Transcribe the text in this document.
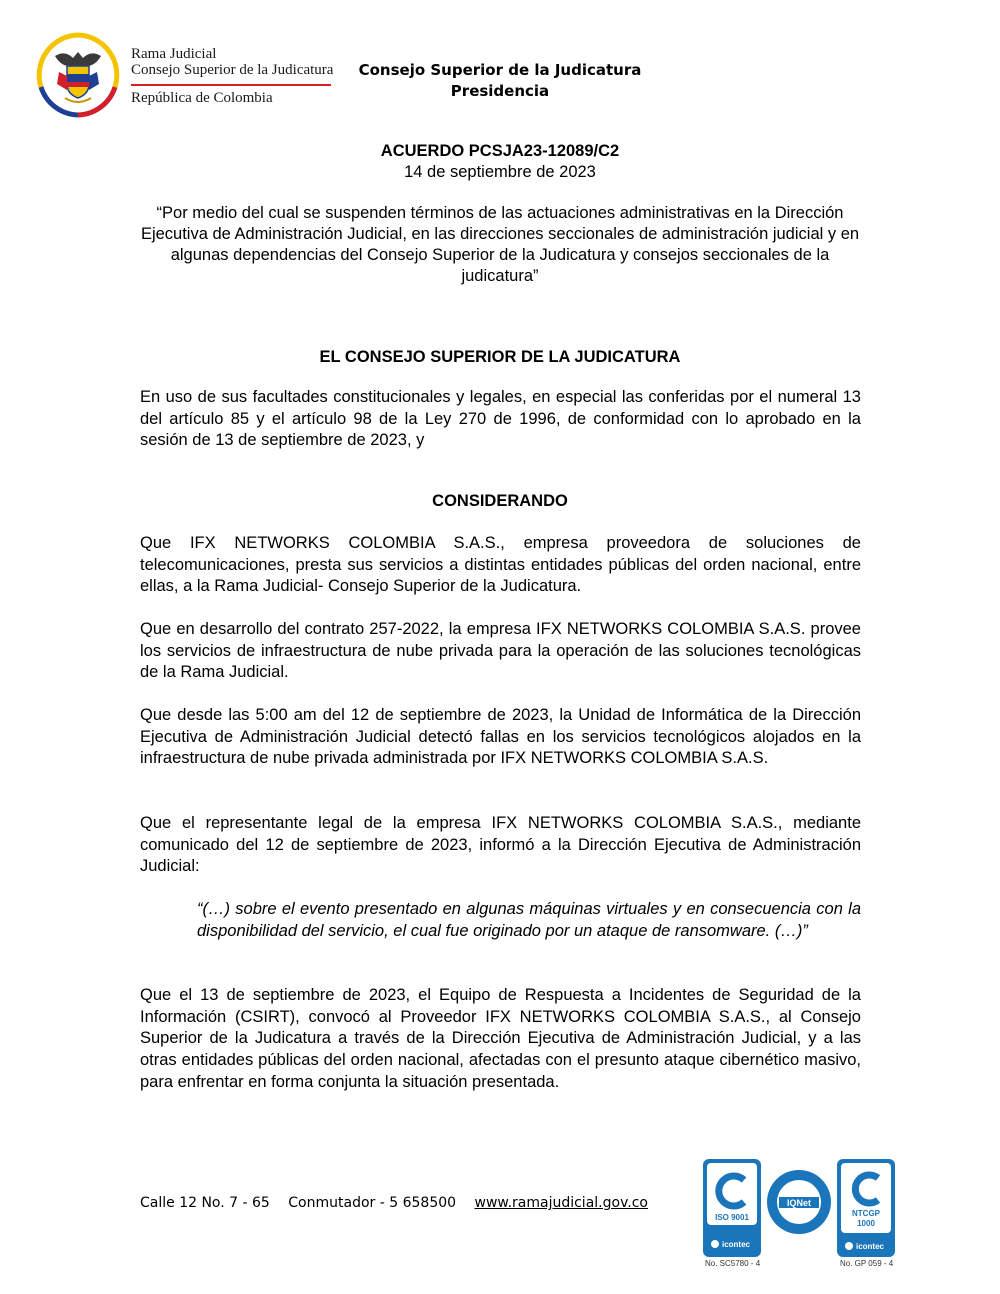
Rama Judicial
Consejo Superior de la Judicatura
República de Colombia
Consejo Superior de la Judicatura
Presidencia
ACUERDO PCSJA23-12089/C2
14 de septiembre de 2023
“Por medio del cual se suspenden términos de las actuaciones administrativas en la Dirección Ejecutiva de Administración Judicial, en las direcciones seccionales de administración judicial y en algunas dependencias del Consejo Superior de la Judicatura y consejos seccionales de la judicatura”
EL CONSEJO SUPERIOR DE LA JUDICATURA
En uso de sus facultades constitucionales y legales, en especial las conferidas por el numeral 13 del artículo 85 y el artículo 98 de la Ley 270 de 1996, de conformidad con lo aprobado en la sesión de 13 de septiembre de 2023, y
CONSIDERANDO
Que IFX NETWORKS COLOMBIA S.A.S., empresa proveedora de soluciones de telecomunicaciones, presta sus servicios a distintas entidades públicas del orden nacional, entre ellas, a la Rama Judicial- Consejo Superior de la Judicatura.
Que en desarrollo del contrato 257-2022, la empresa IFX NETWORKS COLOMBIA S.A.S. provee los servicios de infraestructura de nube privada para la operación de las soluciones tecnológicas de la Rama Judicial.
Que desde las 5:00 am del 12 de septiembre de 2023, la Unidad de Informática de la Dirección Ejecutiva de Administración Judicial detectó fallas en los servicios tecnológicos alojados en la infraestructura de nube privada administrada por IFX NETWORKS COLOMBIA S.A.S.
Que el representante legal de la empresa IFX NETWORKS COLOMBIA S.A.S., mediante comunicado del 12 de septiembre de 2023, informó a la Dirección Ejecutiva de Administración Judicial:
“(…) sobre el evento presentado en algunas máquinas virtuales y en consecuencia con la disponibilidad del servicio, el cual fue originado por un ataque de ransomware. (…)”
Que el 13 de septiembre de 2023, el Equipo de Respuesta a Incidentes de Seguridad de la Información (CSIRT), convocó al Proveedor IFX NETWORKS COLOMBIA S.A.S., al Consejo Superior de la Judicatura a través de la Dirección Ejecutiva de Administración Judicial, y a las otras entidades públicas del orden nacional, afectadas con el presunto ataque cibernético masivo, para enfrentar en forma conjunta la situación presentada.
Calle 12 No. 7 - 65 Conmutador - 5 658500 www.ramajudicial.gov.co
ISO 9001
icontec
No. SC5780 - 4
IQNet
NTCGP
1000
icontec
No. GP 059 - 4
